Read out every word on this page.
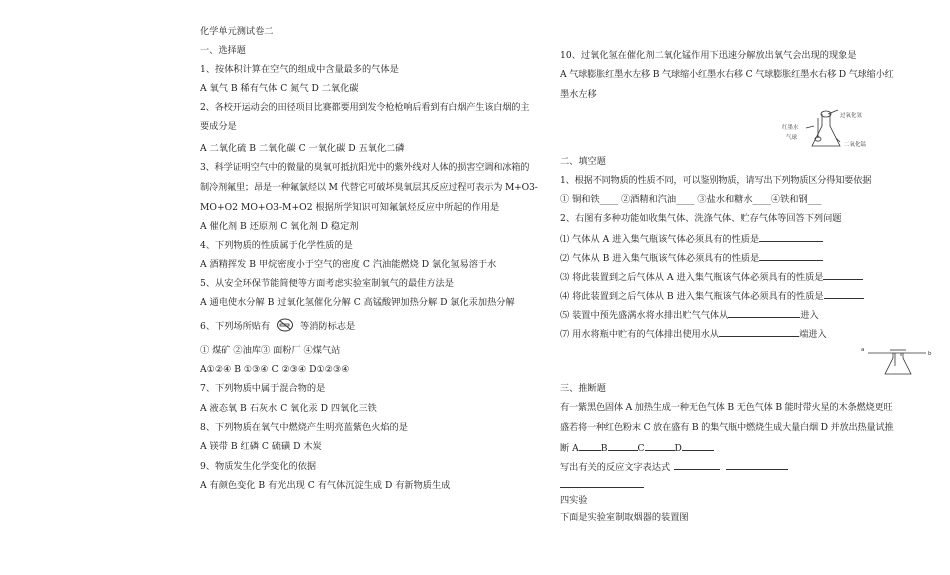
化学单元测试卷二
一、选择题
1、按体积计算在空气的组成中含量最多的气体是
A 氧气 B 稀有气体 C 氮气 D 二氧化碳
2、各校开运动会的田径项目比赛都要用到发令枪枪响后看到有白烟产生该白烟的主
要成分是
A 二氧化硫 B 二氧化碳 C 一氧化碳 D 五氧化二磷
3、科学证明空气中的微量的臭氧可抵抗阳光中的紫外线对人体的损害空调和冰箱的
制冷剂氟里；昂是一种氟氯烃以 M 代替它可破坏臭氧层其反应过程可表示为 M+O3-
MO+O2 MO+O3-M+O2 根据所学知识可知氟氯烃反应中所起的作用是
A 催化剂 B 还原剂 C 氧化剂 D 稳定剂
4、下列物质的性质属于化学性质的是
A 酒精挥发 B 甲烷密度小于空气的密度 C 汽油能燃烧 D 氯化氢易溶于水
5、从安全环保节能简便等方面考虑实验室制氧气的最佳方法是
A 通电使水分解 B 过氧化氢催化分解 C 高锰酸钾加热分解 D 氯化汞加热分解
6、下列场所贴有	等消防标志是
① 煤矿 ②油库③ 面粉厂 ④煤气站
A①②④ B ①③④ C ②③④ D①②③④
7、下列物质中属于混合物的是
A 液态氧 B 石灰水 C 氧化汞 D 四氧化三铁
8、下列物质在氧气中燃烧产生明亮蓝紫色火焰的是
A 镁带 B 红磷 C 硫磺 D 木炭
9、物质发生化学变化的依据
A 有颜色变化 B 有光出现 C 有气体沉淀生成 D 有新物质生成
10、过氧化氢在催化剂二氧化锰作用下迅速分解放出氧气会出现的现象是
A 气球膨胀红墨水左移 B 气球缩小红墨水右移 C 气球膨胀红墨水右移 D 气球缩小红
墨水左移
过氧化氢
红墨水
气球
二氧化锰
二、填空题
1、根据不同物质的性质不同，可以鉴别物质，请写出下列物质区分得知要依据
① 铜和铁____ ②酒精和汽油____ ③盐水和糖水____④铁和钢___
2、右图有多种功能如收集气体、洗涤气体、贮存气体等回答下列问题
⑴ 气体从 A 进入集气瓶该气体必须具有的性质是
⑵ 气体从 B 进入集气瓶该气体必须具有的性质是
⑶ 将此装置到之后气体从 A 进入集气瓶该气体必须具有的性质是
⑷ 将此装置到之后气体从 B 进入集气瓶该气体必须具有的性质是
⑸ 装置中预先盛满水将水排出贮气气体从	进入
⑺ 用水将瓶中贮有的气体排出使用水从	端进入
a
b
三、推断题
有一紫黑色固体 A 加热生成一种无色气体 B 无色气体 B 能时带火星的木条燃烧更旺
盛若将一种红色粉末 C 放在盛有 B 的集气瓶中燃烧生成大量白烟 D 并放出热量试推
断 A B	C	D
写出有关的反应文字表达式
四实验
下面是实验室制取烟器的装置图
